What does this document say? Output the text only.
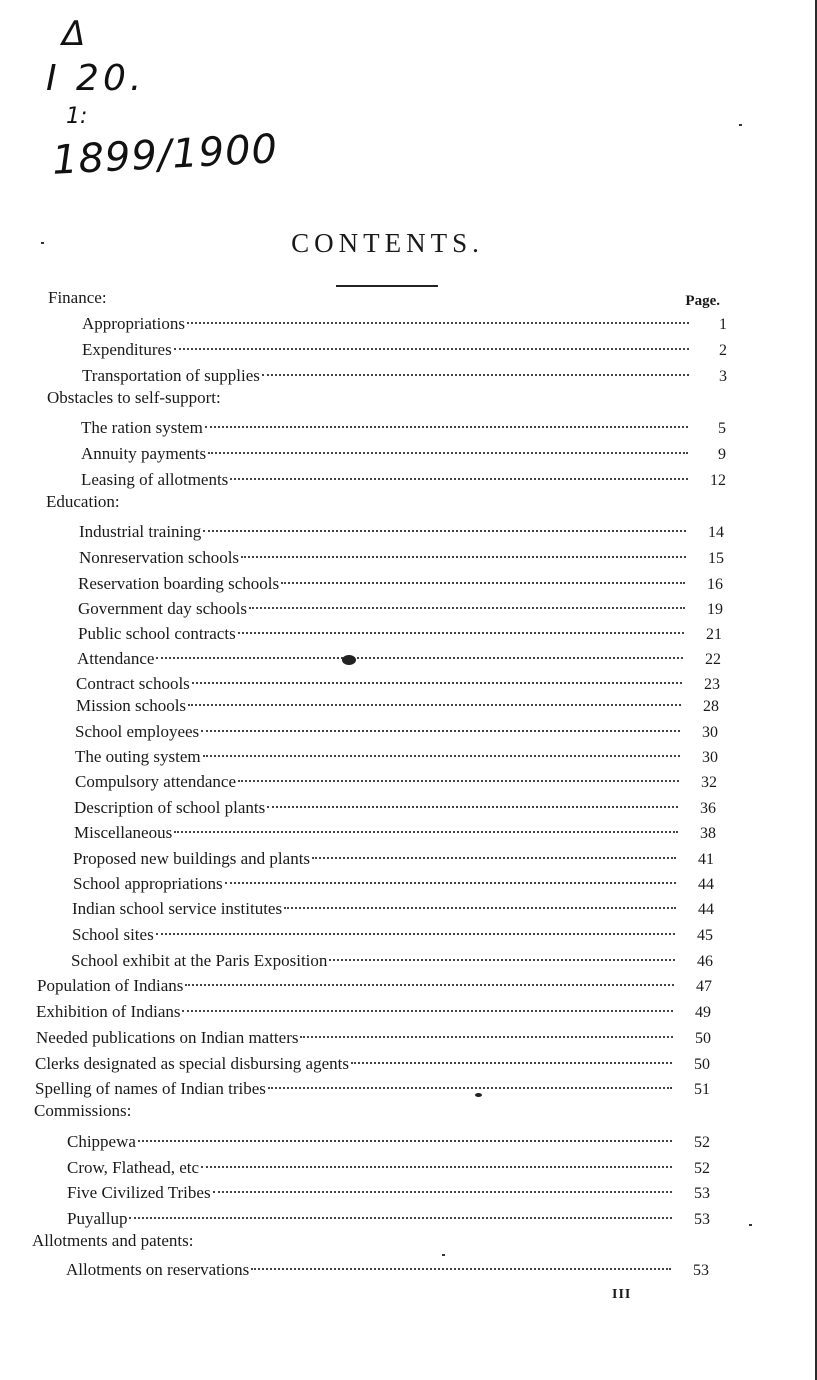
Δ
I 20.
1:
1899/1900
CONTENTS.
Page.
Finance:
Appropriations	1
Expenditures	2
Transportation of supplies	3
Obstacles to self-support:
The ration system	5
Annuity payments	9
Leasing of allotments	12
Education:
Industrial training	14
Nonreservation schools	15
Reservation boarding schools	16
Government day schools	19
Public school contracts	21
Attendance	22
Contract schools	23
Mission schools	28
School employees	30
The outing system	30
Compulsory attendance	32
Description of school plants	36
Miscellaneous	38
Proposed new buildings and plants	41
School appropriations	44
Indian school service institutes	44
School sites	45
School exhibit at the Paris Exposition	46
Population of Indians	47
Exhibition of Indians	49
Needed publications on Indian matters	50
Clerks designated as special disbursing agents	50
Spelling of names of Indian tribes	51
Commissions:
Chippewa	52
Crow, Flathead, etc	52
Five Civilized Tribes	53
Puyallup	53
Allotments and patents:
Allotments on reservations	53
III
